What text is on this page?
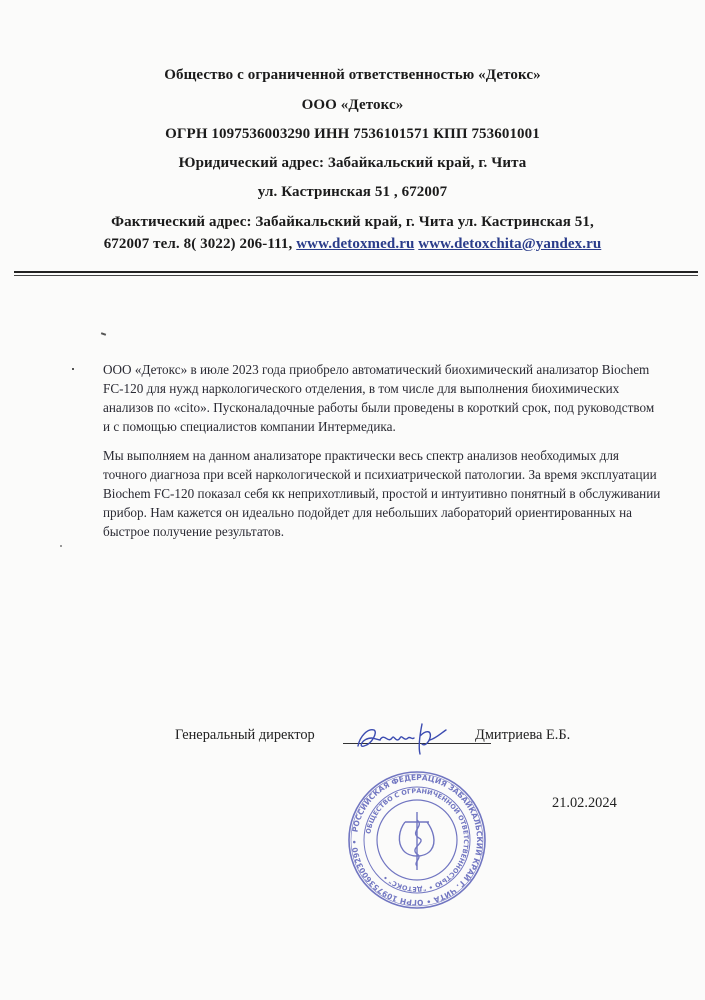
Общество с ограниченной ответственностью «Детокс»
ООО «Детокс»
ОГРН 1097536003290 ИНН 7536101571 КПП 753601001
Юридический адрес: Забайкальский край, г. Чита
ул. Кастринская 51 , 672007
Фактический адрес: Забайкальский край, г. Чита ул. Кастринская 51,
672007 тел. 8( 3022) 206-111, www.detoxmed.ru www.detoxchita@yandex.ru

ООО «Детокс» в июле 2023 года приобрело автоматический биохимический анализатор Biochem FC-120 для нужд наркологического отделения, в том числе для выполнения биохимических анализов по «cito». Пусконаладочные работы были проведены в короткий срок, под руководством и с помощью специалистов компании Интермедика.

Мы выполняем на данном анализаторе практически весь спектр анализов необходимых для точного диагноза при всей наркологической и психиатрической патологии. За время эксплуатации Biochem FC-120 показал себя кк неприхотливый, простой и интуитивно понятный в обслуживании прибор. Нам кажется он идеально подойдет для небольших лабораторий ориентирoванных на быстрое получение результатов.

Генеральный директор	Дмитриева Е.Б.
21.02.2024
РОССИЙСКАЯ ФЕДЕРАЦИЯ ЗАБАЙКАЛЬСКИЙ КРАЙ Г. ЧИТА • ОГРН 1097536003290 •
ОБЩЕСТВО С ОГРАНИЧЕННОЙ ОТВЕТСТВЕННОСТЬЮ • "ДЕТОКС" •
